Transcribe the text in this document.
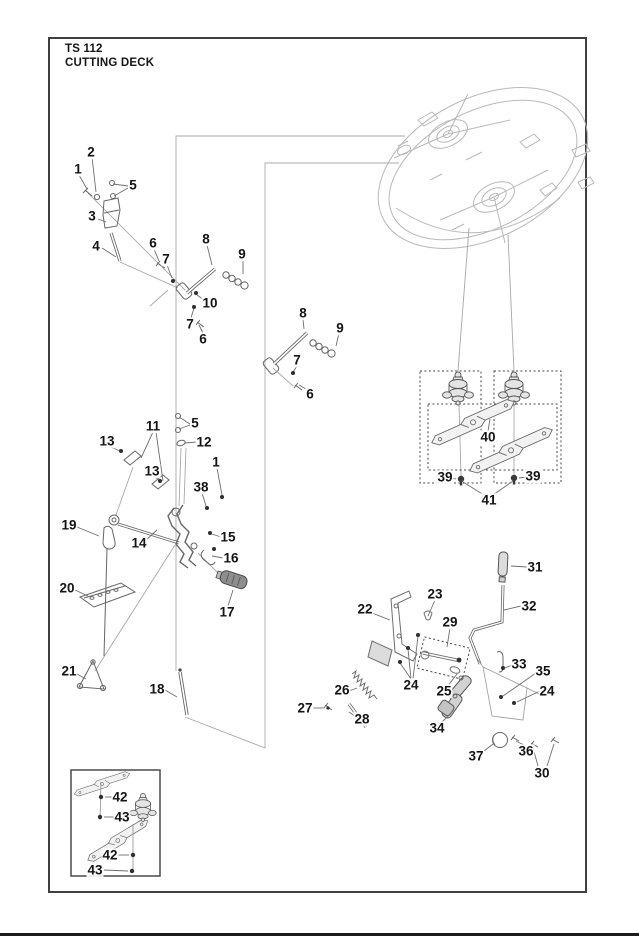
1
2
5
3
4	6
7
8
9
10
7
6
8
9
7
6
11 5
13	12
13
1
38
15
14
16
17
19
20
21
18
40
39	39
41
22
23
29
24 25
26
27
28
31
32
33 35
24
34
36
37
30
42
43
42
43
TS 112
CUTTING DECK
